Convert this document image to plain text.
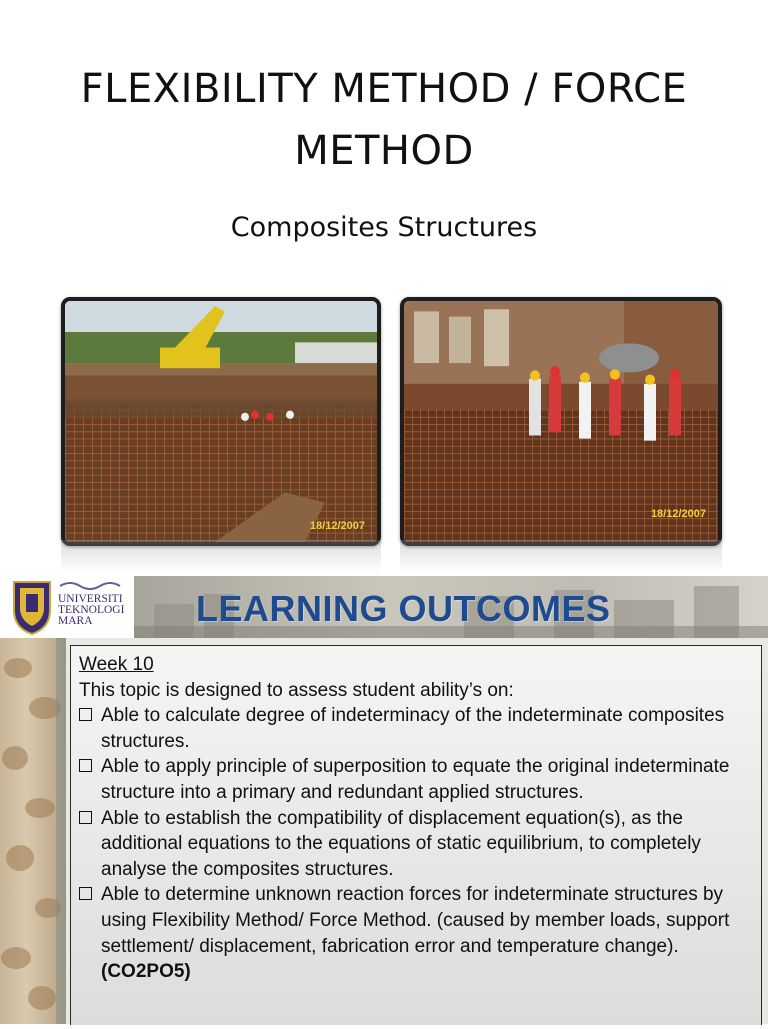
FLEXIBILITY METHOD / FORCE
METHOD
Composites Structures
18/12/2007
18/12/2007
UNIVERSITI
TEKNOLOGI
MARA	LEARNING OUTCOMES
Week 10
This topic is designed to assess student ability’s on:
Able to calculate degree of indeterminacy of the indeterminate composites structures.
Able to apply principle of superposition to equate the original indeterminate structure into a primary and redundant applied structures.
Able to establish the compatibility of displacement equation(s), as the additional equations to the equations of static equilibrium, to completely analyse the composites structures.
Able to determine unknown reaction forces for indeterminate structures by using Flexibility Method/ Force Method. (caused by member loads, support settlement/ displacement, fabrication error and temperature change).
(CO2PO5)
